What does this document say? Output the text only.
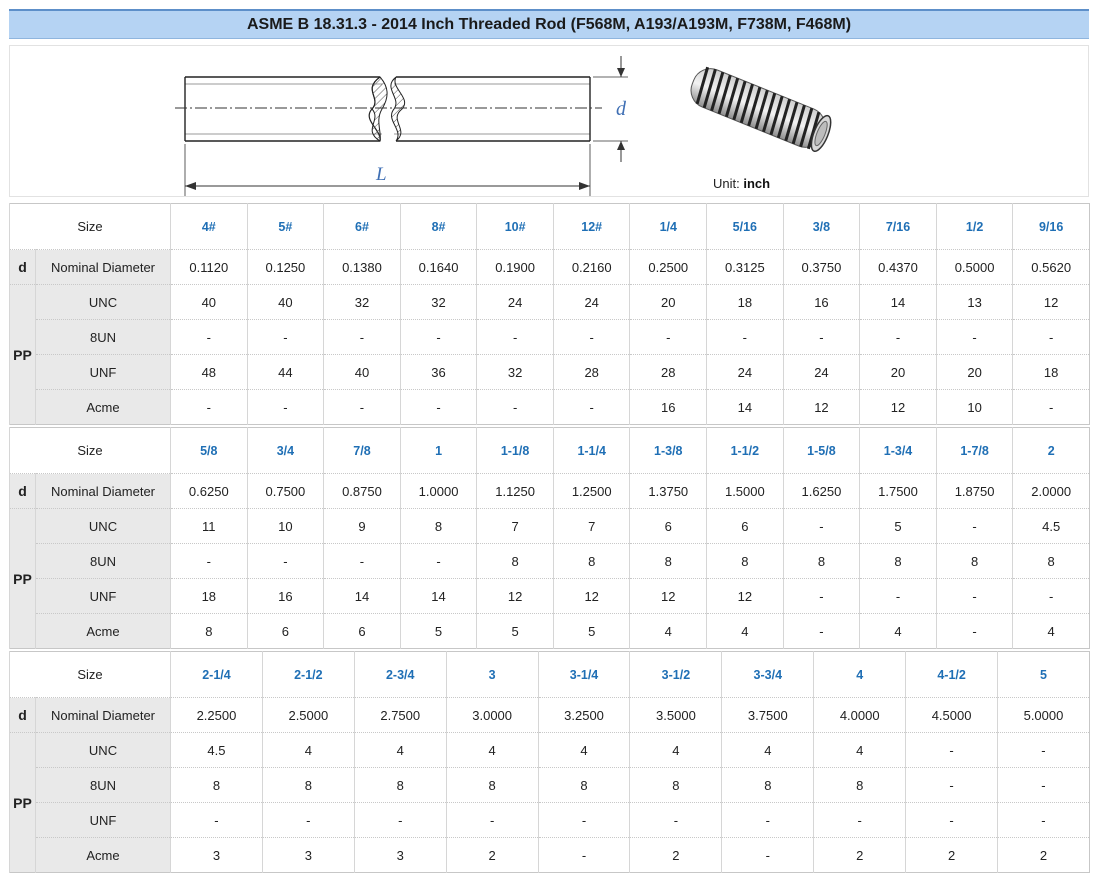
ASME B 18.31.3 - 2014 Inch Threaded Rod (F568M, A193/A193M, F738M, F468M)
d
L	Unit: inch
Size		4#	5#	6#	8#	10#	12#	1/4	5/16	3/8	7/16	1/2	9/16
d	Nominal Diameter	0.1120	0.1250	0.1380	0.1640	0.1900	0.2160	0.2500	0.3125	0.3750	0.4370	0.5000	0.5620
PP	UNC	40	40	32	32	24	24	20	18	16	14	13	12
	8UN	-	-	-	-	-	-	-	-	-	-	-	-
	UNF	48	44	40	36	32	28	28	24	24	20	20	18
	Acme	-	-	-	-	-	-	16	14	12	12	10	-
Size		5/8	3/4	7/8	1	1-1/8	1-1/4	1-3/8	1-1/2	1-5/8	1-3/4	1-7/8	2
d	Nominal Diameter	0.6250	0.7500	0.8750	1.0000	1.1250	1.2500	1.3750	1.5000	1.6250	1.7500	1.8750	2.0000
PP	UNC	11	10	9	8	7	7	6	6	-	5	-	4.5
	8UN	-	-	-	-	8	8	8	8	8	8	8	8
	UNF	18	16	14	14	12	12	12	12	-	-	-	-
	Acme	8	6	6	5	5	5	4	4	-	4	-	4
Size		2-1/4	2-1/2	2-3/4	3	3-1/4	3-1/2	3-3/4	4	4-1/2	5
d	Nominal Diameter	2.2500	2.5000	2.7500	3.0000	3.2500	3.5000	3.7500	4.0000	4.5000	5.0000
PP	UNC	4.5	4	4	4	4	4	4	4	-	-
	8UN	8	8	8	8	8	8	8	8	-	-
	UNF	-	-	-	-	-	-	-	-	-	-
	Acme	3	3	3	2	-	2	-	2	2	2
